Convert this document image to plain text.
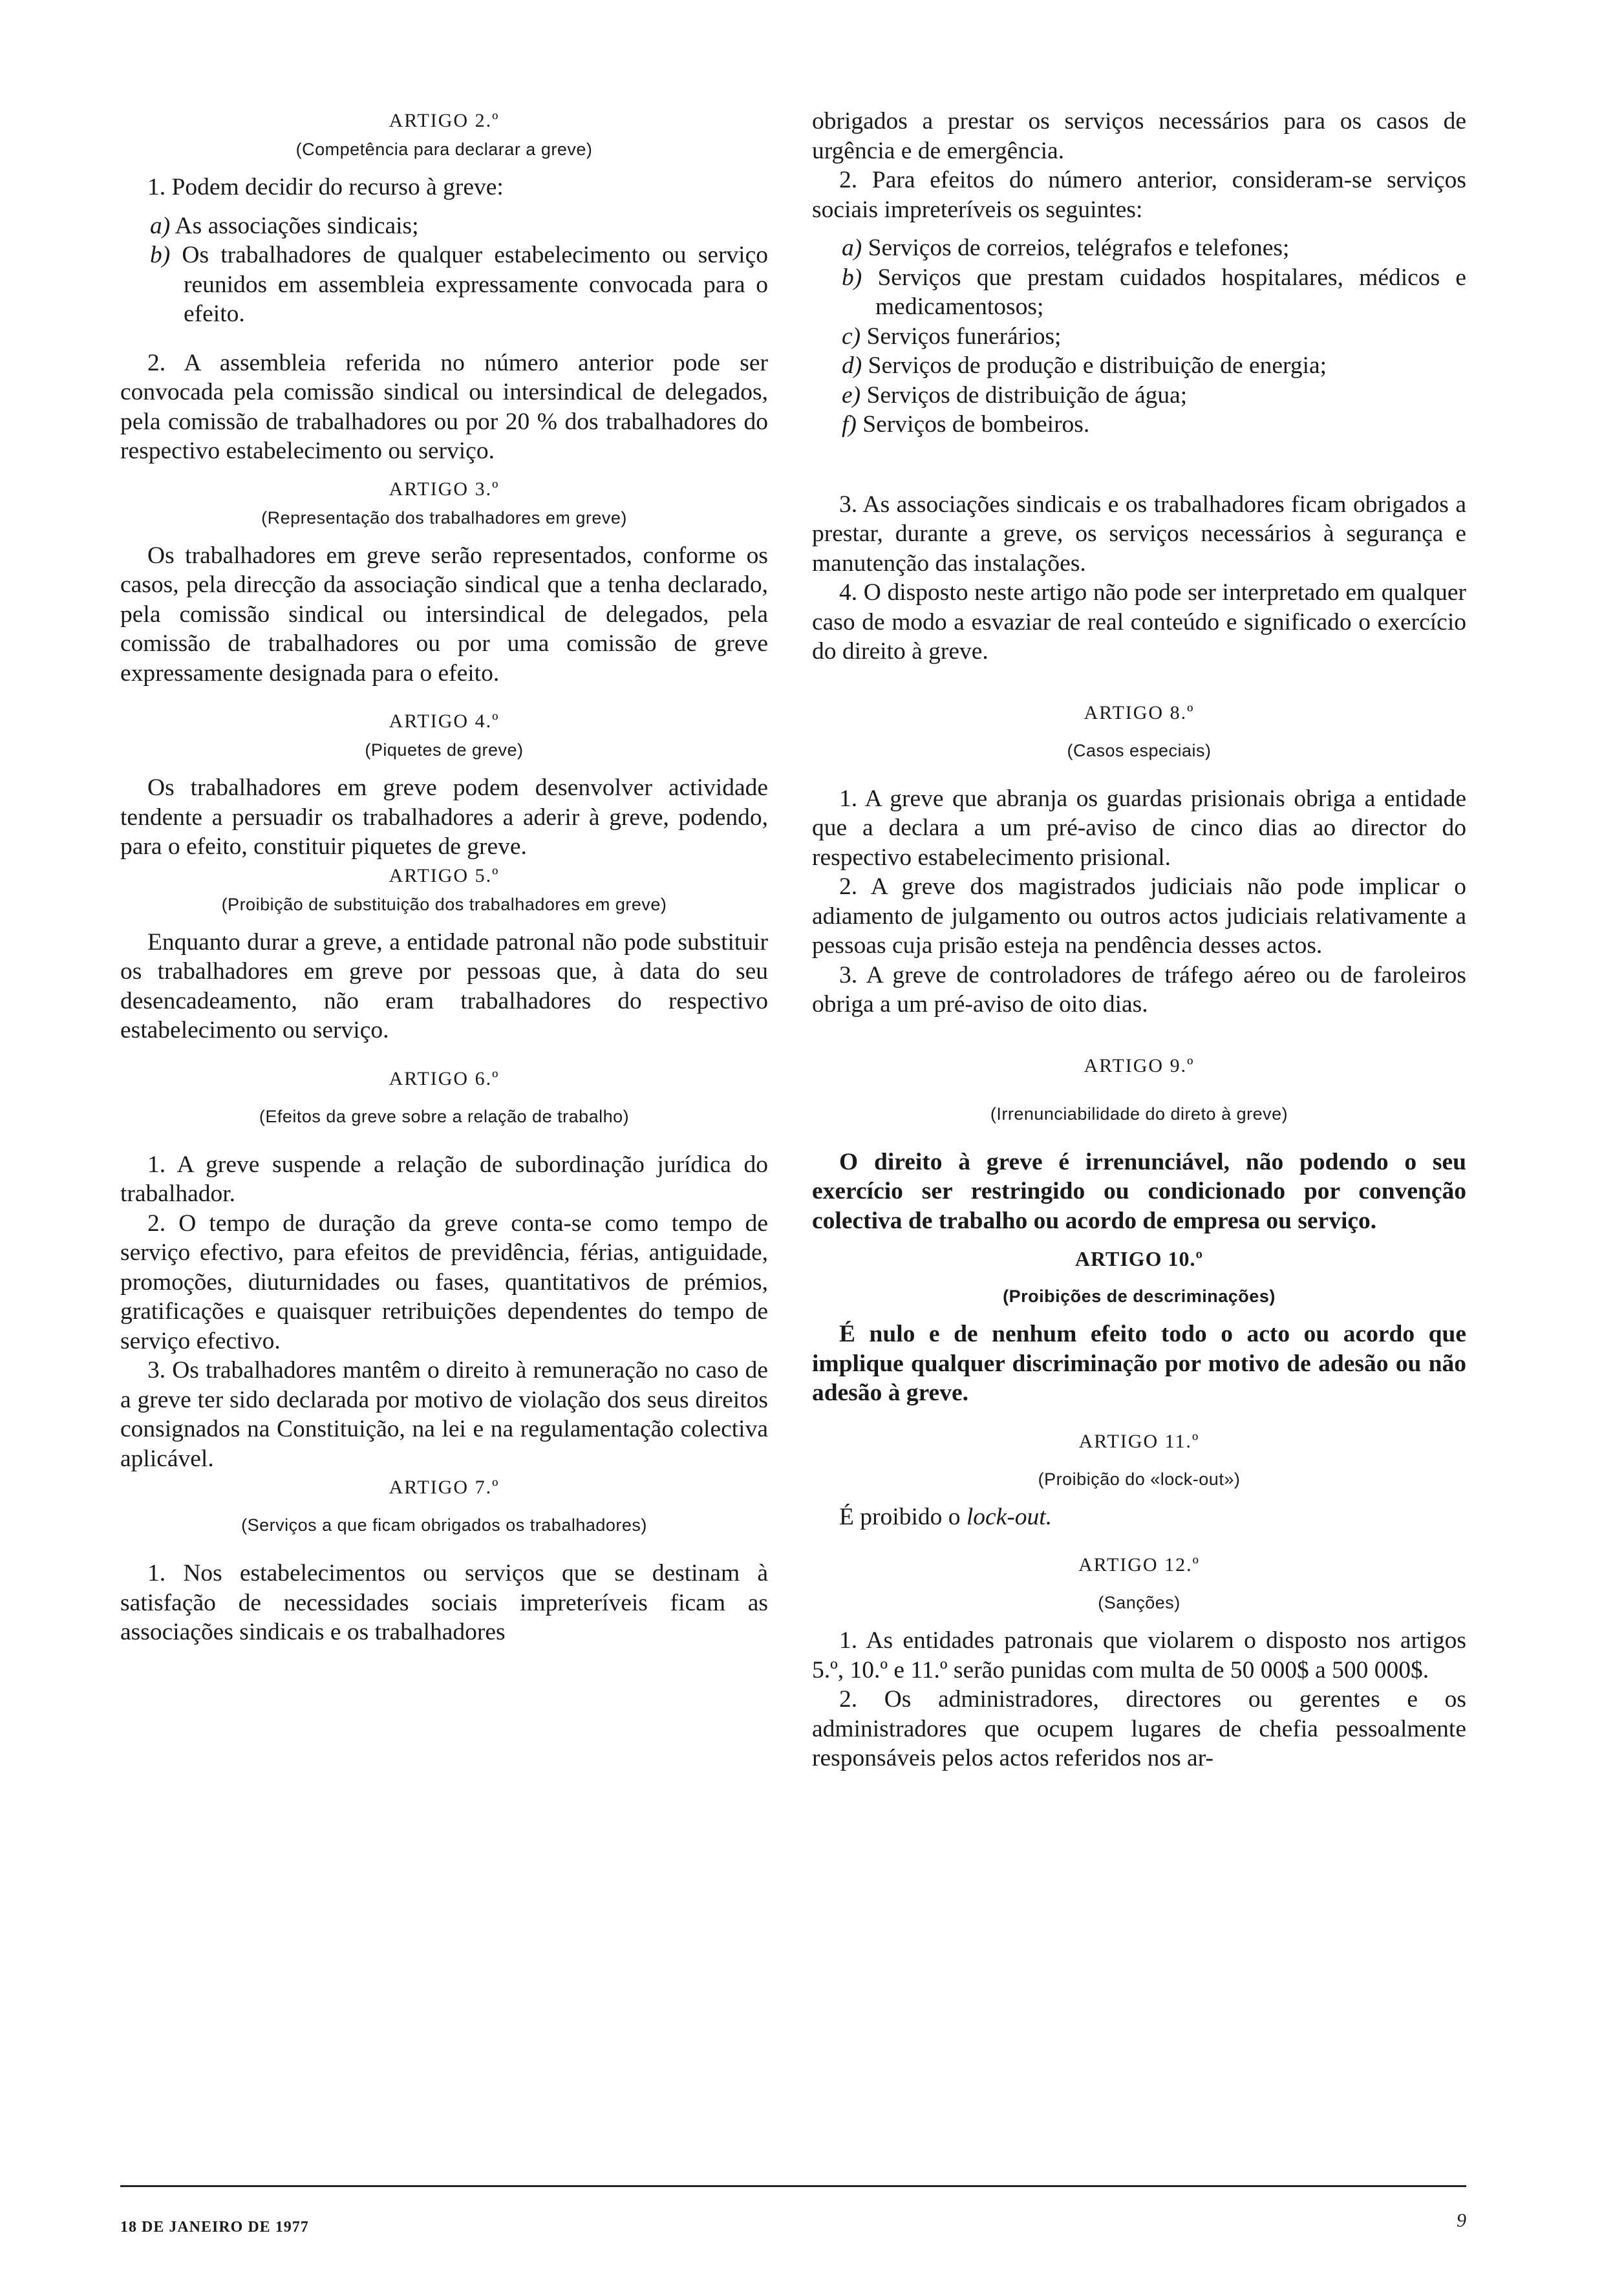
ARTIGO 2.º
(Competência para declarar a greve)

1. Podem decidir do recurso à greve:

a) As associações sindicais;
b) Os trabalhadores de qualquer estabelecimento ou serviço reunidos em assembleia expressamente convocada para o efeito.

2. A assembleia referida no número anterior pode ser convocada pela comissão sindical ou intersindical de delegados, pela comissão de trabalhadores ou por 20 % dos trabalhadores do respectivo estabelecimento ou serviço.

ARTIGO 3.º
(Representação dos trabalhadores em greve)

Os trabalhadores em greve serão representados, conforme os casos, pela direcção da associação sindical que a tenha declarado, pela comissão sindical ou intersindical de delegados, pela comissão de trabalhadores ou por uma comissão de greve expressamente designada para o efeito.

ARTIGO 4.º
(Piquetes de greve)

Os trabalhadores em greve podem desenvolver actividade tendente a persuadir os trabalhadores a aderir à greve, podendo, para o efeito, constituir piquetes de greve.

ARTIGO 5.º
(Proibição de substituição dos trabalhadores em greve)

Enquanto durar a greve, a entidade patronal não pode substituir os trabalhadores em greve por pessoas que, à data do seu desencadeamento, não eram trabalhadores do respectivo estabelecimento ou serviço.

ARTIGO 6.º
(Efeitos da greve sobre a relação de trabalho)

1. A greve suspende a relação de subordinação jurídica do trabalhador.

2. O tempo de duração da greve conta-se como tempo de serviço efectivo, para efeitos de previdência, férias, antiguidade, promoções, diuturnidades ou fases, quantitativos de prémios, gratificações e quaisquer retribuições dependentes do tempo de serviço efectivo.

3. Os trabalhadores mantêm o direito à remuneração no caso de a greve ter sido declarada por motivo de violação dos seus direitos consignados na Constituição, na lei e na regulamentação colectiva aplicável.

ARTIGO 7.º
(Serviços a que ficam obrigados os trabalhadores)

1. Nos estabelecimentos ou serviços que se destinam à satisfação de necessidades sociais impreteríveis ficam as associações sindicais e os trabalhadores

obrigados a prestar os serviços necessários para os casos de urgência e de emergência.

2. Para efeitos do número anterior, consideram-se serviços sociais impreteríveis os seguintes:

a) Serviços de correios, telégrafos e telefones;
b) Serviços que prestam cuidados hospitalares, médicos e medicamentosos;
c) Serviços funerários;
d) Serviços de produção e distribuição de energia;
e) Serviços de distribuição de água;
f) Serviços de bombeiros.

3. As associações sindicais e os trabalhadores ficam obrigados a prestar, durante a greve, os serviços necessários à segurança e manutenção das instalações.

4. O disposto neste artigo não pode ser interpretado em qualquer caso de modo a esvaziar de real conteúdo e significado o exercício do direito à greve.

ARTIGO 8.º
(Casos especiais)

1. A greve que abranja os guardas prisionais obriga a entidade que a declara a um pré-aviso de cinco dias ao director do respectivo estabelecimento prisional.

2. A greve dos magistrados judiciais não pode implicar o adiamento de julgamento ou outros actos judiciais relativamente a pessoas cuja prisão esteja na pendência desses actos.

3. A greve de controladores de tráfego aéreo ou de faroleiros obriga a um pré-aviso de oito dias.

ARTIGO 9.º
(Irrenunciabilidade do direto à greve)

O direito à greve é irrenunciável, não podendo o seu exercício ser restringido ou condicionado por convenção colectiva de trabalho ou acordo de empresa ou serviço.

ARTIGO 10.º
(Proibições de descriminações)

É nulo e de nenhum efeito todo o acto ou acordo que implique qualquer discriminação por motivo de adesão ou não adesão à greve.

ARTIGO 11.º
(Proibição do «lock-out»)

É proibido o lock-out.

ARTIGO 12.º
(Sanções)

1. As entidades patronais que violarem o disposto nos artigos 5.º, 10.º e 11.º serão punidas com multa de 50 000$ a 500 000$.

2. Os administradores, directores ou gerentes e os administradores que ocupem lugares de chefia pessoalmente responsáveis pelos actos referidos nos ar-

18 DE JANEIRO DE 1977	9
